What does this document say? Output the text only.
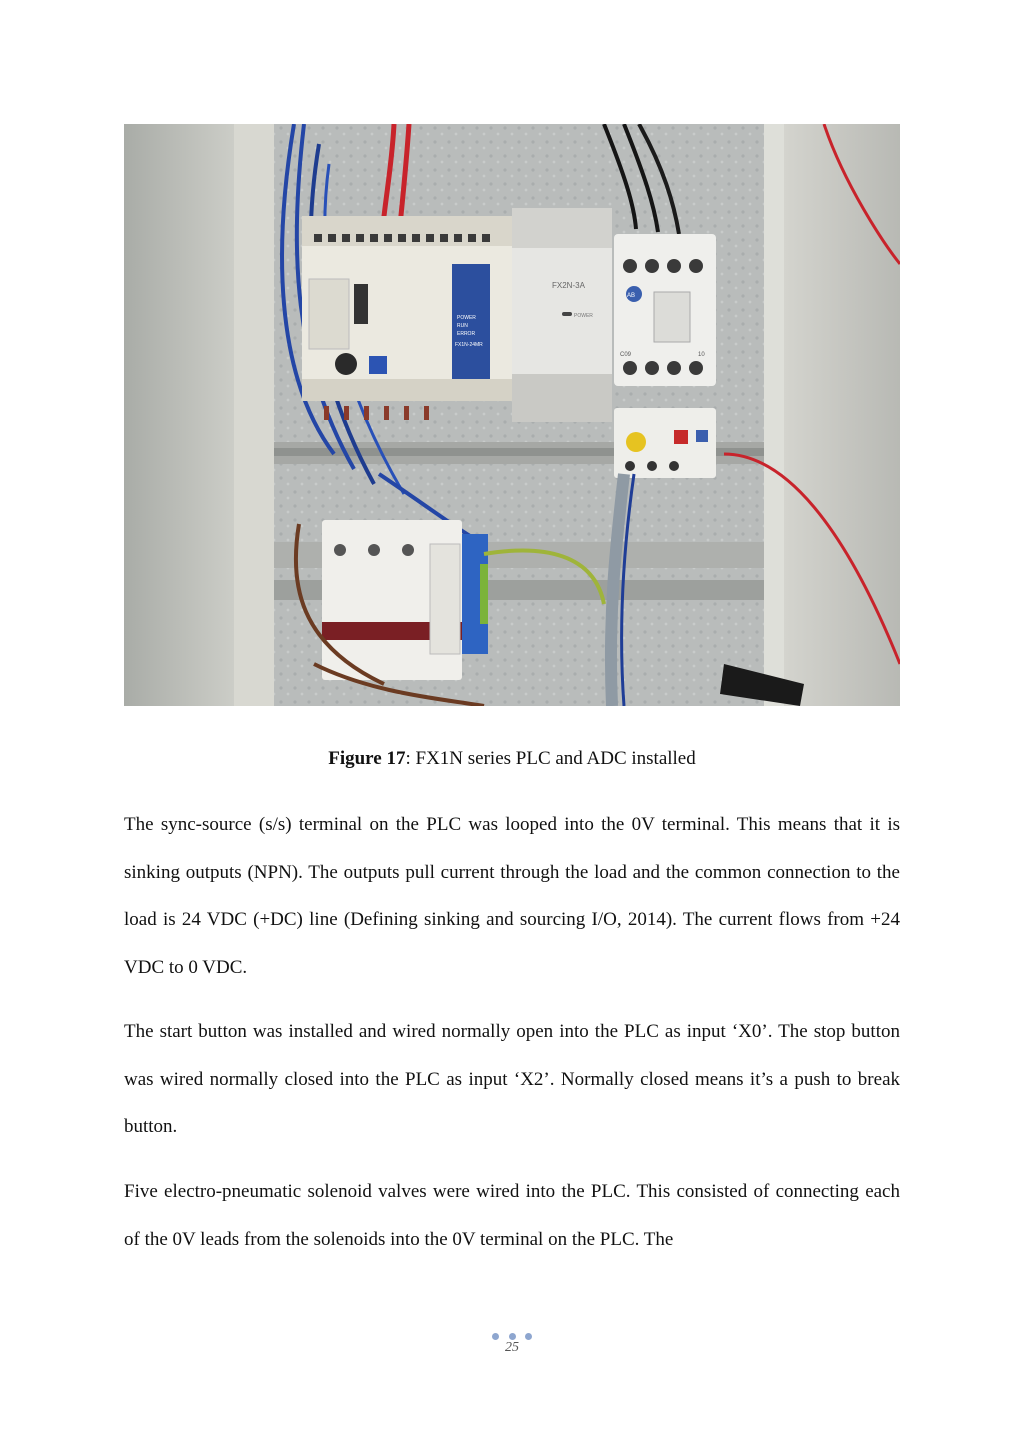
POWER
RUN
ERROR
FX1N-24MR
FX2N-3A
POWER
AB
C09	10
Figure 17: FX1N series PLC and ADC installed

The sync-source (s/s) terminal on the PLC was looped into the 0V terminal. This means that it is sinking outputs (NPN). The outputs pull current through the load and the common connection to the load is 24 VDC (+DC) line (Defining sinking and sourcing I/O, 2014). The current flows from +24 VDC to 0 VDC.

The start button was installed and wired normally open into the PLC as input ‘X0’. The stop button was wired normally closed into the PLC as input ‘X2’. Normally closed means it’s a push to break button.

Five electro-pneumatic solenoid valves were wired into the PLC. This consisted of connecting each of the 0V leads from the solenoids into the 0V terminal on the PLC. The

25
